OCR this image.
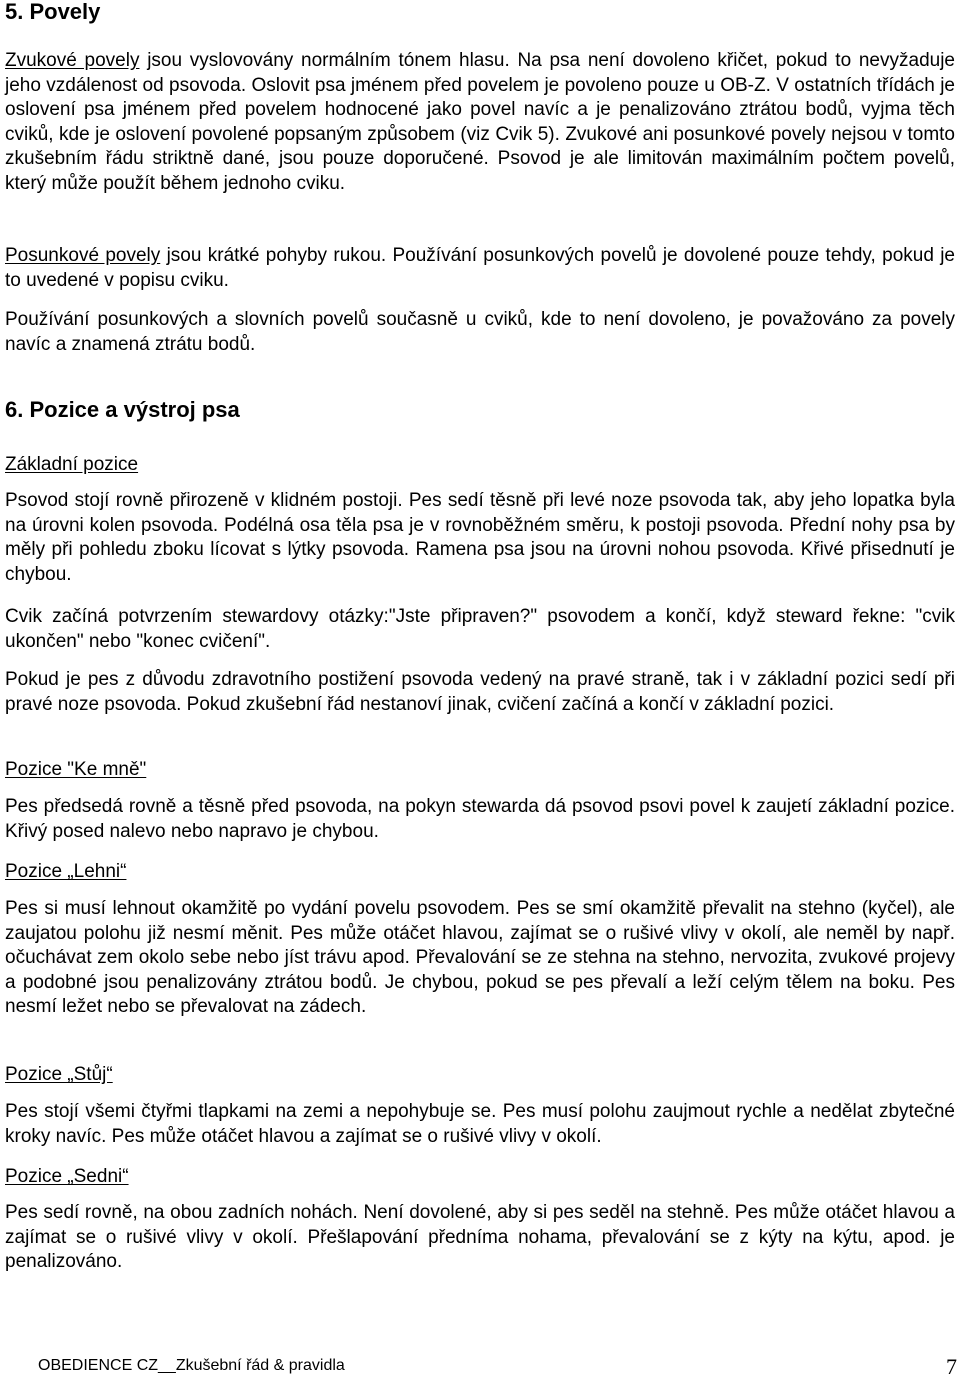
5. Povely

Zvukové povely jsou vyslovovány normálním tónem hlasu. Na psa není dovoleno křičet, pokud to nevyžaduje jeho vzdálenost od psovoda. Oslovit psa jménem před povelem je povoleno pouze u OB-Z. V ostatních třídách je oslovení psa jménem před povelem hodnocené jako povel navíc a je penalizováno ztrátou bodů, vyjma těch cviků, kde je oslovení povolené popsaným způsobem (viz Cvik 5). Zvukové ani posunkové povely nejsou v tomto zkušebním řádu striktně dané, jsou pouze doporučené. Psovod je ale limitován maximálním počtem povelů, který může použít během jednoho cviku.

Posunkové povely jsou krátké pohyby rukou. Používání posunkových povelů je dovolené pouze tehdy, pokud je to uvedené v popisu cviku.

Používání posunkových a slovních povelů současně u cviků, kde to není dovoleno, je považováno za povely navíc a znamená ztrátu bodů.

6. Pozice a výstroj psa
Základní pozice

Psovod stojí rovně přirozeně v klidném postoji. Pes sedí těsně při levé noze psovoda tak, aby jeho lopatka byla na úrovni kolen psovoda. Podélná osa těla psa je v rovnoběžném směru, k postoji psovoda. Přední nohy psa by měly při pohledu zboku lícovat s lýtky psovoda. Ramena psa jsou na úrovni nohou psovoda. Křivé přisednutí je chybou.

Cvik začíná potvrzením stewardovy otázky:"Jste připraven?" psovodem a končí, když steward řekne: "cvik ukončen" nebo "konec cvičení".

Pokud je pes z důvodu zdravotního postižení psovoda vedený na pravé straně, tak i v základní pozici sedí při pravé noze psovoda. Pokud zkušební řád nestanoví jinak, cvičení začíná a končí v základní pozici.

Pozice "Ke mně"

Pes předsedá rovně a těsně před psovoda, na pokyn stewarda dá psovod psovi povel k zaujetí základní pozice. Křivý posed nalevo nebo napravo je chybou.

Pozice „Lehni“

Pes si musí lehnout okamžitě po vydání povelu psovodem. Pes se smí okamžitě převalit na stehno (kyčel), ale zaujatou polohu již nesmí měnit. Pes může otáčet hlavou, zajímat se o rušivé vlivy v okolí, ale neměl by např. očuchávat zem okolo sebe nebo jíst trávu apod. Převalování se ze stehna na stehno, nervozita, zvukové projevy a podobné jsou penalizovány ztrátou bodů. Je chybou, pokud se pes převalí a leží celým tělem na boku. Pes nesmí ležet nebo se převalovat na zádech.

Pozice „Stůj“

Pes stojí všemi čtyřmi tlapkami na zemi a nepohybuje se. Pes musí polohu zaujmout rychle a nedělat zbytečné kroky navíc. Pes může otáčet hlavou a zajímat se o rušivé vlivy v okolí.

Pozice „Sedni“

Pes sedí rovně, na obou zadních nohách. Není dovolené, aby si pes seděl na stehně. Pes může otáčet hlavou a zajímat se o rušivé vlivy v okolí. Přešlapování předníma nohama, převalování se z kýty na kýtu, apod. je penalizováno.

OBEDIENCE CZ__Zkušební řád & pravidla	7
